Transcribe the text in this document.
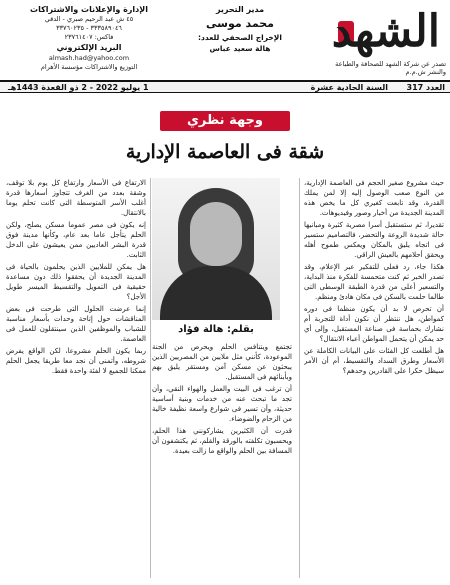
الشهد
تصدر عن شركة الشهد للصحافة والطباعة
والنشر ش.م.م
مدير التحرير
محمد موسى
الإخراج الصحفي للعدد:
هالة سعيد عباس
الإدارة والإعلانات والاشتراكات
٤٥ ش عبد الرحيم صبري - الدقي
٣٣٣٥٨٩٠٤٦ - ٣٣٧٦٠٢٣٥
فاكس: ٢٣٧٦١٤٠٧
البريد الإلكتروني
almash.had@yahoo.com
التوزيع والاشتراكات مؤسسة الأهرام
العدد 317
السنة الحادية عشرة
1 يوليو 2022 - 2 ذو القعدة 1443هـ
وجهة نظري
شقة فى العاصمة الإدارية
بقلم: هالة فؤاد

حيث مشروع صغير الحجم فى العاصمة الإدارية، من النوع صعب الوصول إليه إلا لمن يملك القدرة، وقد تابعت كغيري كل ما يخص هذه المدينة الجديدة من أخبار وصور وفيديوهات.

تقديرا، ثم ستستقبل أسرا مصرية كثيرة ومبانيها حالة شديدة الروعة والتحضر، فالتصاميم ستسير فى اتجاه يليق بالمكان ويعكس طموح أهله ويحقق أحلامهم بالعيش الراقي.

هكذا جاء، رد فعلى للتفكير عبر الإعلام، وقد تصدر الخبر ثم كنت متحمسة للفكرة منذ البداية، والتسعير أعلى من قدرة الطبقة الوسطى التى طالما حلمت بالسكن فى مكان هادئ ومنظم.

أن تحرص لا بد أن يكون منظما فى دوره كمواطن، هل ننتظر أن نكون أداة للتجربة أم نشارك بحماسة فى صناعة المستقبل، وإلى أي حد يمكن أن يتحمل المواطن أعباء الانتقال؟

هل أطلعت كل الفئات على البيانات الكاملة عن الأسعار وطرق السداد والتقسيط، أم أن الأمر سيظل حكرا على القادرين وحدهم؟

تجتمع ويتنافس الحلم ويحرص من الجنة الموعودة، كأنني مثل ملايين من المصريين الذين يبحثون عن مسكن آمن ومستقر يليق بهم وبأبنائهم فى المستقبل.

أن ترغب فى البيت والعمل والهواء النقي، وأن تجد ما تبحث عنه من خدمات وبنية أساسية حديثة، وأن تسير فى شوارع واسعة نظيفة خالية من الزحام والضوضاء.

قدرت أن الكثيرين يشاركونني هذا الحلم، ويحسبون تكلفته بالورقة والقلم، ثم يكتشفون أن المسافة بين الحلم والواقع ما زالت بعيدة.

الارتفاع فى الأسعار وارتفاع كل يوم بلا توقف، وشقة بعدد من الغرف تتجاوز أسعارها قدرة أغلب الأسر المتوسطة التى كانت تحلم يوما بالانتقال.

إنه يكون فى مصر عموما مسكن يصلح، ولكن الحلم يتأجل عاما بعد عام، وكأنها مدينة فوق قدرة البشر العاديين ممن يعيشون على الدخل الثابت.

هل يمكن للملايين الذين يحلمون بالحياة فى المدينة الجديدة أن يحققوا ذلك دون مساعدة حقيقية فى التمويل والتقسيط الميسر طويل الأجل؟

إنما عرضت الحلول التى طرحت فى بعض المناقشات حول إتاحة وحدات بأسعار مناسبة للشباب والموظفين الذين سينتقلون للعمل فى العاصمة.

ربما يكون الحلم مشروعا، لكن الواقع يفرض شروطه، وأتمنى أن نجد معا طريقا يجعل الحلم ممكنا للجميع لا لفئة واحدة فقط.
